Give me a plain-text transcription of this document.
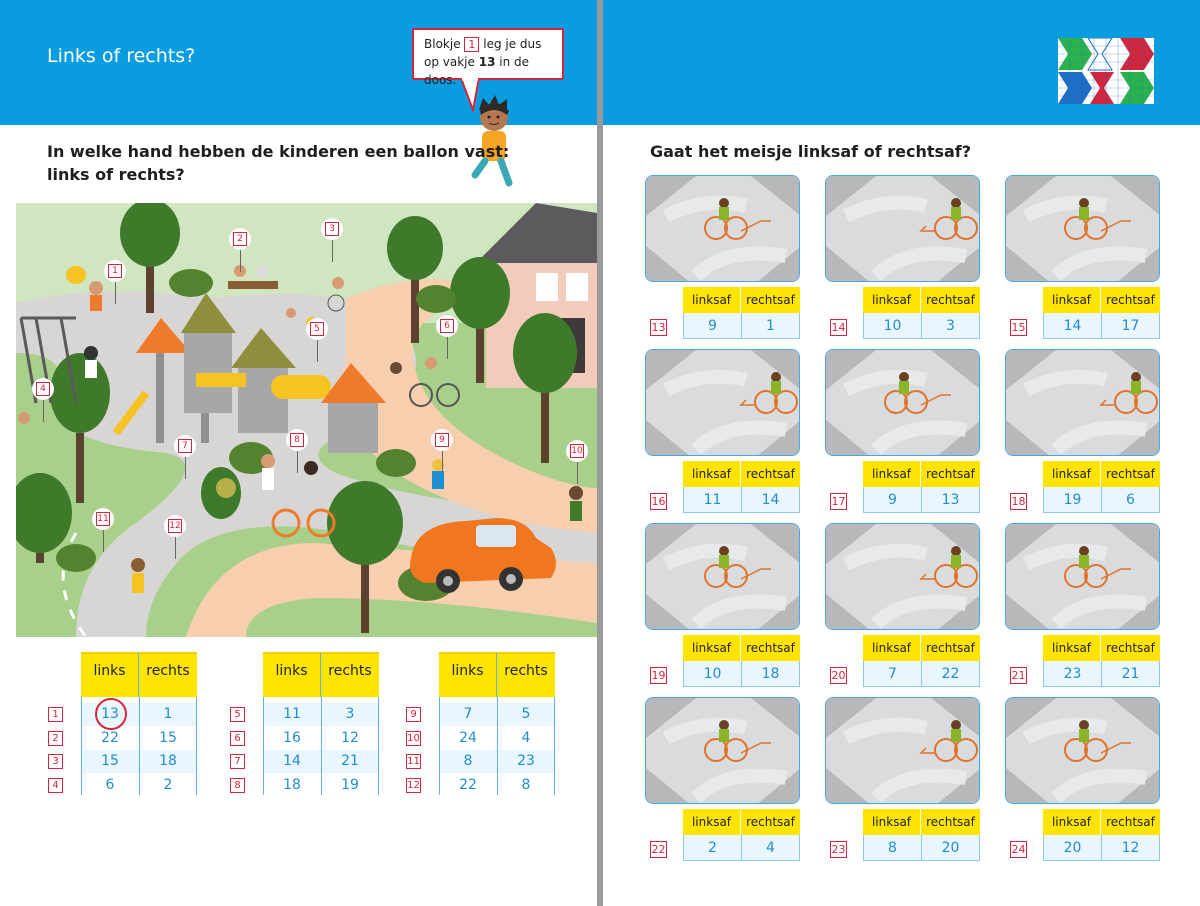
Links of rechts?
Blokje 1 leg je dus
op vakje 13 in de doos.
In welke hand hebben de kinderen een ballon vast:
links of rechts?
1
2
3
4
5	6
7
8	9
10
11
12
links	rechts
1	13	1
2	22	15
3	15	18
4	6	2
links	rechts
5	11	3
6	16	12
7	14	21
8	18	19
links	rechts
9	7	5
10	24	4
11	8	23
12	22	8
Gaat het meisje linksaf of rechtsaf?
linksaf	rechtsaf
9	1
13
linksaf	rechtsaf
10	3
14
linksaf	rechtsaf
14	17
15
linksaf	rechtsaf
11	14
16
linksaf	rechtsaf
9	13
17
linksaf	rechtsaf
19	6
18
linksaf	rechtsaf
10	18
19
linksaf	rechtsaf
7	22
20
linksaf	rechtsaf
23	21
21
linksaf	rechtsaf
2	4
22
linksaf	rechtsaf
8	20
23
linksaf	rechtsaf
20	12
24
